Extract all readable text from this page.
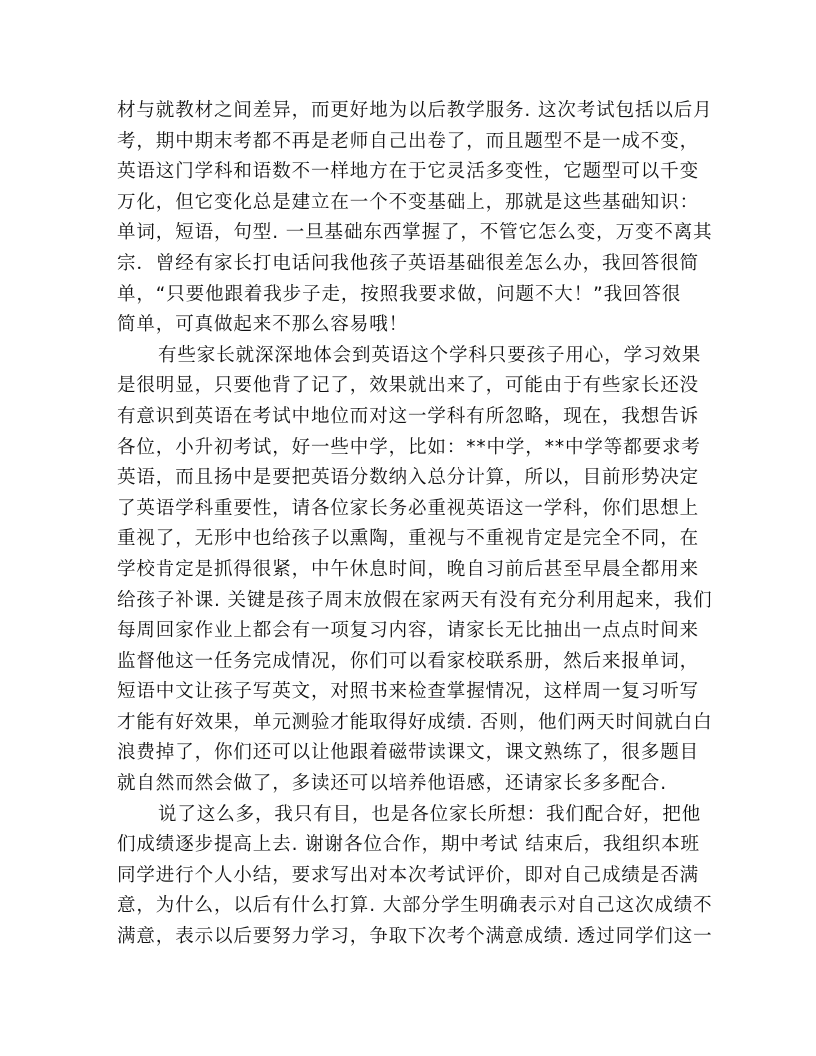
材与就教材之间差异，而更好地为以后教学服务. 这次考试包括以后月
考，期中期末考都不再是老师自己出卷了，而且题型不是一成不变，
英语这门学科和语数不一样地方在于它灵活多变性，它题型可以千变
万化，但它变化总是建立在一个不变基础上，那就是这些基础知识：
单词，短语，句型. 一旦基础东西掌握了，不管它怎么变，万变不离其
宗．曾经有家长打电话问我他孩子英语基础很差怎么办，我回答很简
单，“只要他跟着我步子走，按照我要求做，问题不大！”我回答很
简单，可真做起来不那么容易哦！
有些家长就深深地体会到英语这个学科只要孩子用心，学习效果
是很明显，只要他背了记了，效果就出来了，可能由于有些家长还没
有意识到英语在考试中地位而对这一学科有所忽略，现在，我想告诉
各位，小升初考试，好一些中学，比如：**中学，**中学等都要求考
英语，而且扬中是要把英语分数纳入总分计算，所以，目前形势决定
了英语学科重要性，请各位家长务必重视英语这一学科，你们思想上
重视了，无形中也给孩子以熏陶，重视与不重视肯定是完全不同，在
学校肯定是抓得很紧，中午休息时间，晚自习前后甚至早晨全都用来
给孩子补课. 关键是孩子周末放假在家两天有没有充分利用起来，我们
每周回家作业上都会有一项复习内容，请家长无比抽出一点点时间来
监督他这一任务完成情况，你们可以看家校联系册，然后来报单词，
短语中文让孩子写英文，对照书来检查掌握情况，这样周一复习听写
才能有好效果，单元测验才能取得好成绩. 否则，他们两天时间就白白
浪费掉了，你们还可以让他跟着磁带读课文，课文熟练了，很多题目
就自然而然会做了，多读还可以培养他语感，还请家长多多配合.
说了这么多，我只有目，也是各位家长所想：我们配合好，把他
们成绩逐步提高上去. 谢谢各位合作，期中考试 结束后，我组织本班
同学进行个人小结，要求写出对本次考试评价，即对自己成绩是否满
意，为什么，以后有什么打算. 大部分学生明确表示对自己这次成绩不
满意，表示以后要努力学习，争取下次考个满意成绩. 透过同学们这一
